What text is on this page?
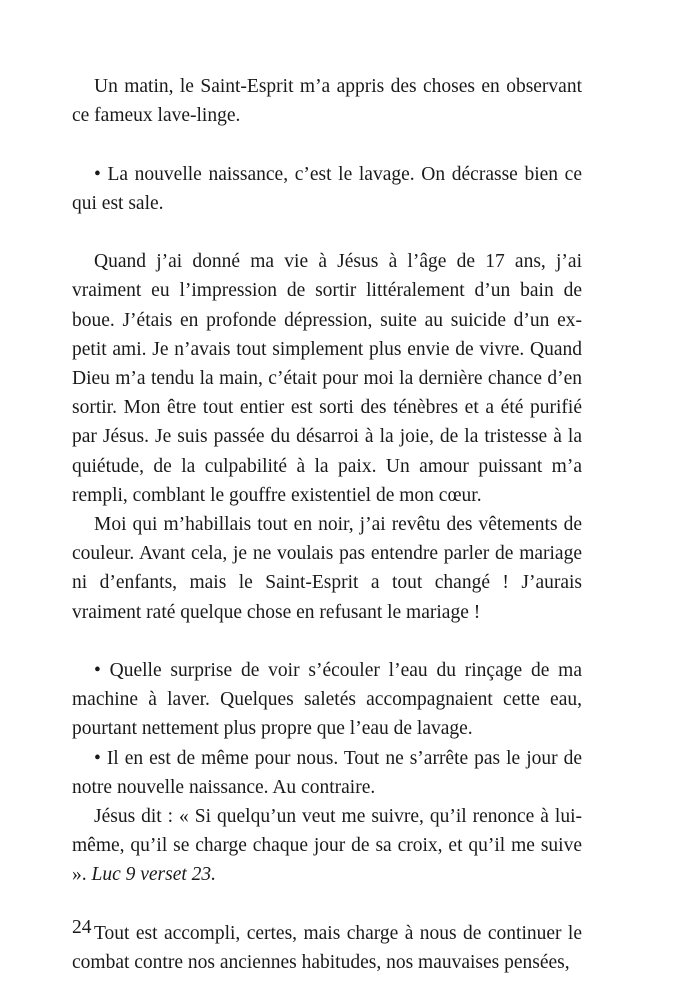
Un matin, le Saint-Esprit m’a appris des choses en observant ce fameux lave-linge.

• La nouvelle naissance, c’est le lavage. On décrasse bien ce qui est sale.

Quand j’ai donné ma vie à Jésus à l’âge de 17 ans, j’ai vraiment eu l’impression de sortir littéralement d’un bain de boue. J’étais en profonde dépression, suite au suicide d’un ex-petit ami. Je n’avais tout simplement plus envie de vivre. Quand Dieu m’a tendu la main, c’était pour moi la dernière chance d’en sortir. Mon être tout entier est sorti des ténèbres et a été purifié par Jésus. Je suis passée du désarroi à la joie, de la tristesse à la quiétude, de la culpabilité à la paix. Un amour puissant m’a rempli, comblant le gouffre existentiel de mon cœur.

Moi qui m’habillais tout en noir, j’ai revêtu des vêtements de couleur. Avant cela, je ne voulais pas entendre parler de mariage ni d’enfants, mais le Saint-Esprit a tout changé ! J’aurais vraiment raté quelque chose en refusant le mariage !

• Quelle surprise de voir s’écouler l’eau du rinçage de ma machine à laver. Quelques saletés accompagnaient cette eau, pourtant nettement plus propre que l’eau de lavage.

• Il en est de même pour nous. Tout ne s’arrête pas le jour de notre nouvelle naissance. Au contraire.

Jésus dit : « Si quelqu’un veut me suivre, qu’il renonce à lui-même, qu’il se charge chaque jour de sa croix, et qu’il me suive ». Luc 9 verset 23.

Tout est accompli, certes, mais charge à nous de continuer le combat contre nos anciennes habitudes, nos mauvaises pensées,

24
